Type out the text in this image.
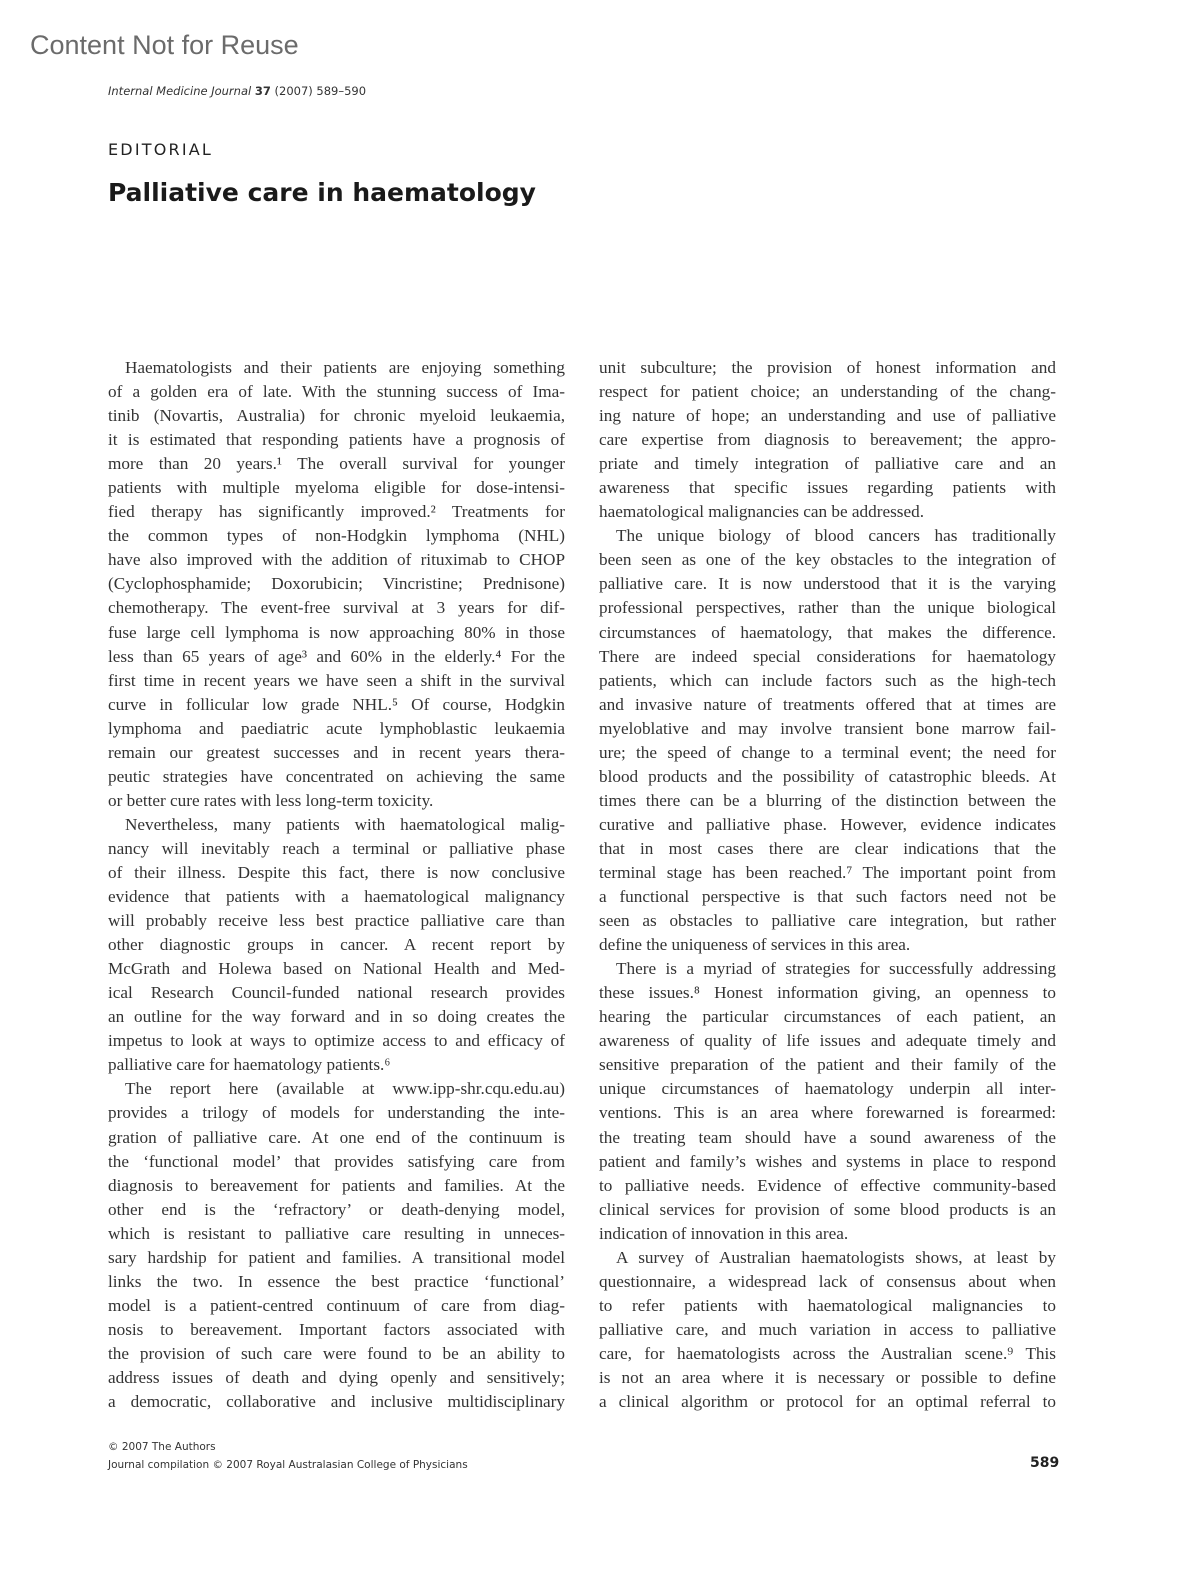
Content Not for Reuse
Internal Medicine Journal 37 (2007) 589–590
EDITORIAL
Palliative care in haematology
Haematologists and their patients are enjoying something
of a golden era of late. With the stunning success of Ima-
tinib (Novartis, Australia) for chronic myeloid leukaemia,
it is estimated that responding patients have a prognosis of
more than 20 years.¹ The overall survival for younger
patients with multiple myeloma eligible for dose-intensi-
fied therapy has significantly improved.² Treatments for
the common types of non-Hodgkin lymphoma (NHL)
have also improved with the addition of rituximab to CHOP
(Cyclophosphamide; Doxorubicin; Vincristine; Prednisone)
chemotherapy. The event-free survival at 3 years for dif-
fuse large cell lymphoma is now approaching 80% in those
less than 65 years of age³ and 60% in the elderly.⁴ For the
first time in recent years we have seen a shift in the survival
curve in follicular low grade NHL.⁵ Of course, Hodgkin
lymphoma and paediatric acute lymphoblastic leukaemia
remain our greatest successes and in recent years thera-
peutic strategies have concentrated on achieving the same
or better cure rates with less long-term toxicity.
Nevertheless, many patients with haematological malig-
nancy will inevitably reach a terminal or palliative phase
of their illness. Despite this fact, there is now conclusive
evidence that patients with a haematological malignancy
will probably receive less best practice palliative care than
other diagnostic groups in cancer. A recent report by
McGrath and Holewa based on National Health and Med-
ical Research Council-funded national research provides
an outline for the way forward and in so doing creates the
impetus to look at ways to optimize access to and efficacy of
palliative care for haematology patients.⁶
The report here (available at www.ipp-shr.cqu.edu.au)
provides a trilogy of models for understanding the inte-
gration of palliative care. At one end of the continuum is
the ‘functional model’ that provides satisfying care from
diagnosis to bereavement for patients and families. At the
other end is the ‘refractory’ or death-denying model,
which is resistant to palliative care resulting in unneces-
sary hardship for patient and families. A transitional model
links the two. In essence the best practice ‘functional’
model is a patient-centred continuum of care from diag-
nosis to bereavement. Important factors associated with
the provision of such care were found to be an ability to
address issues of death and dying openly and sensitively;
a democratic, collaborative and inclusive multidisciplinary
unit subculture; the provision of honest information and
respect for patient choice; an understanding of the chang-
ing nature of hope; an understanding and use of palliative
care expertise from diagnosis to bereavement; the appro-
priate and timely integration of palliative care and an
awareness that specific issues regarding patients with
haematological malignancies can be addressed.
The unique biology of blood cancers has traditionally
been seen as one of the key obstacles to the integration of
palliative care. It is now understood that it is the varying
professional perspectives, rather than the unique biological
circumstances of haematology, that makes the difference.
There are indeed special considerations for haematology
patients, which can include factors such as the high-tech
and invasive nature of treatments offered that at times are
myeloblative and may involve transient bone marrow fail-
ure; the speed of change to a terminal event; the need for
blood products and the possibility of catastrophic bleeds. At
times there can be a blurring of the distinction between the
curative and palliative phase. However, evidence indicates
that in most cases there are clear indications that the
terminal stage has been reached.⁷ The important point from
a functional perspective is that such factors need not be
seen as obstacles to palliative care integration, but rather
define the uniqueness of services in this area.
There is a myriad of strategies for successfully addressing
these issues.⁸ Honest information giving, an openness to
hearing the particular circumstances of each patient, an
awareness of quality of life issues and adequate timely and
sensitive preparation of the patient and their family of the
unique circumstances of haematology underpin all inter-
ventions. This is an area where forewarned is forearmed:
the treating team should have a sound awareness of the
patient and family’s wishes and systems in place to respond
to palliative needs. Evidence of effective community-based
clinical services for provision of some blood products is an
indication of innovation in this area.
A survey of Australian haematologists shows, at least by
questionnaire, a widespread lack of consensus about when
to refer patients with haematological malignancies to
palliative care, and much variation in access to palliative
care, for haematologists across the Australian scene.⁹ This
is not an area where it is necessary or possible to define
a clinical algorithm or protocol for an optimal referral to
© 2007 The Authors
Journal compilation © 2007 Royal Australasian College of Physicians	589
